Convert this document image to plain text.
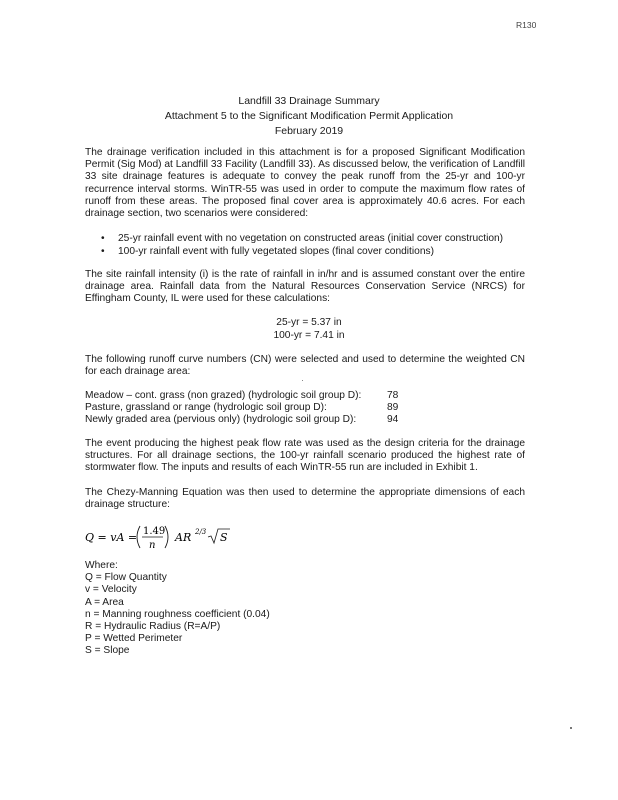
R130
Landfill 33 Drainage Summary
Attachment 5 to the Significant Modification Permit Application
February 2019

The drainage verification included in this attachment is for a proposed Significant Modification Permit (Sig Mod) at Landfill 33 Facility (Landfill 33). As discussed below, the verification of Landfill 33 site drainage features is adequate to convey the peak runoff from the 25-yr and 100-yr recurrence interval storms. WinTR-55 was used in order to compute the maximum flow rates of runoff from these areas. The proposed final cover area is approximately 40.6 acres. For each drainage section, two scenarios were considered:

• 25-yr rainfall event with no vegetation on constructed areas (initial cover construction)
• 100-yr rainfall event with fully vegetated slopes (final cover conditions)

The site rainfall intensity (i) is the rate of rainfall in in/hr and is assumed constant over the entire drainage area. Rainfall data from the Natural Resources Conservation Service (NRCS) for Effingham County, IL were used for these calculations:

25-yr = 5.37 in
100-yr = 7.41 in

The following runoff curve numbers (CN) were selected and used to determine the weighted CN for each drainage area:

Meadow – cont. grass (non grazed) (hydrologic soil group D):	78
Pasture, grassland or range (hydrologic soil group D):	89
Newly graded area (pervious only) (hydrologic soil group D):	94

The event producing the highest peak flow rate was used as the design criteria for the drainage structures. For all drainage sections, the 100-yr rainfall scenario produced the highest rate of stormwater flow. The inputs and results of each WinTR-55 run are included in Exhibit 1.

The Chezy-Manning Equation was then used to determine the appropriate dimensions of each drainage structure:

Q = vA = 1.49
n
AR 2/3 S
Where:
Q = Flow Quantity
v = Velocity
A = Area
n = Manning roughness coefficient (0.04)
R = Hydraulic Radius (R=A/P)
P = Wetted Perimeter
S = Slope
